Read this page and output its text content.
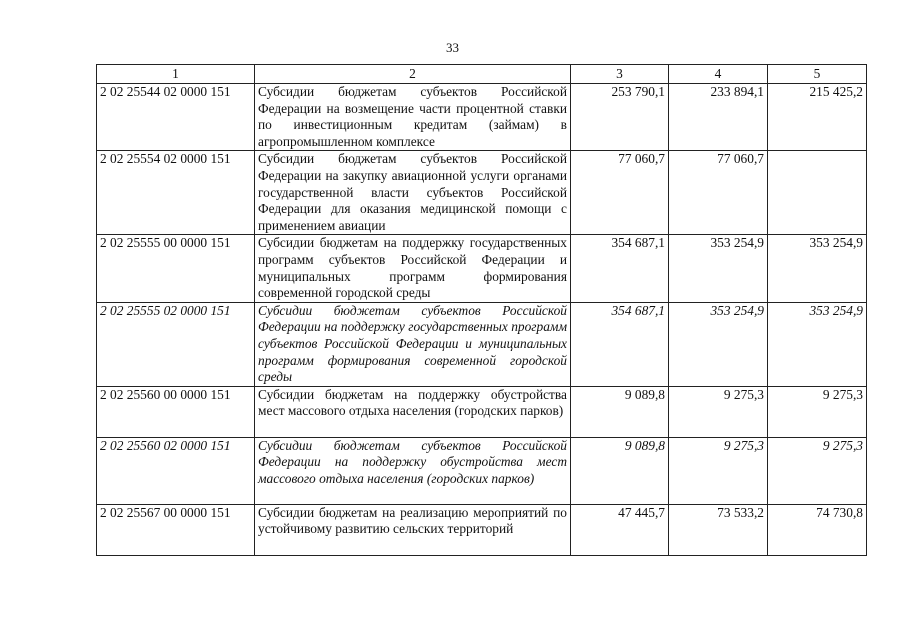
33
1	2	3	4	5
2 02 25544 02 0000 151	Субсидии бюджетам субъектов Российской Федерации на возмещение части процентной ставки по инвестиционным кредитам (займам) в агропромышленном комплексе	253 790,1	233 894,1	215 425,2
2 02 25554 02 0000 151	Субсидии бюджетам субъектов Российской Федерации на закупку авиационной услуги органами государственной власти субъектов Российской Федерации для оказания медицинской помощи с применением авиации	77 060,7	77 060,7	
2 02 25555 00 0000 151	Субсидии бюджетам на поддержку государственных программ субъектов Российской Федерации и муниципальных программ формирования современной городской среды	354 687,1	353 254,9	353 254,9
2 02 25555 02 0000 151	Субсидии бюджетам субъектов Российской Федерации на поддержку государственных программ субъектов Российской Федерации и муниципальных программ формирования современной городской среды	354 687,1	353 254,9	353 254,9
2 02 25560 00 0000 151	Субсидии бюджетам на поддержку обустройства мест массового отдыха населения (городских парков)	9 089,8	9 275,3	9 275,3
2 02 25560 02 0000 151	Субсидии бюджетам субъектов Российской Федерации на поддержку обустройства мест массового отдыха населения (городских парков)	9 089,8	9 275,3	9 275,3
2 02 25567 00 0000 151	Субсидии бюджетам на реализацию мероприятий по устойчивому развитию сельских территорий	47 445,7	73 533,2	74 730,8
